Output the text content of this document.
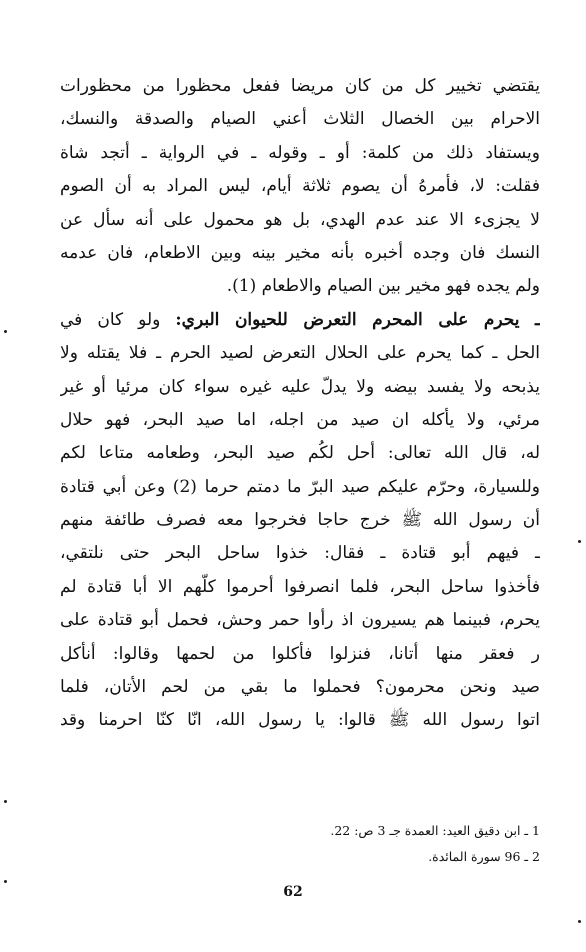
يقتضي تخيير كل من كان مريضا ففعل محظورا من محظورات
الاحرام بين الخصال الثلاث أعني الصيام والصدقة والنسك،
ويستفاد ذلك من كلمة: أو ـ وقوله ـ في الرواية ـ أتجد شاة
فقلت: لا، فأمرهُ أن يصوم ثلاثة أيام، ليس المراد به أن الصوم
لا يجزىء الا عند عدم الهدي، بل هو محمول على أنه سأل عن
النسك فان وجده أخبره بأنه مخير بينه وبين الاطعام، فان عدمه
ولم يجده فهو مخير بين الصيام والاطعام (1).
ـ يحرم على المحرم التعرض للحيوان البري: ولو كان في
الحل ـ كما يحرم على الحلال التعرض لصيد الحرم ـ فلا يقتله ولا
يذبحه ولا يفسد بيضه ولا يدلّ عليه غيره سواء كان مرئيا أو غير
مرئي، ولا يأكله ان صيد من اجله، اما صيد البحر، فهو حلال
له، قال الله تعالى: أحل لكُم صيد البحر، وطعامه متاعا لكم
وللسيارة، وحرّم عليكم صيد البرّ ما دمتم حرما (2) وعن أبي قتادة
أن رسول الله ﷺ خرج حاجا فخرجوا معه فصرف طائفة منهم
ـ فيهم أبو قتادة ـ فقال: خذوا ساحل البحر حتى نلتقي،
فأخذوا ساحل البحر، فلما انصرفوا أحرموا كلّهم الا أبا قتادة لم
يحرم، فبينما هم يسيرون اذ رأوا حمر وحش، فحمل أبو قتادة على
ر فعقر منها أتانا، فنزلوا فأكلوا من لحمها وقالوا: أنأكل
صيد ونحن محرمون؟ فحملوا ما بقي من لحم الأتان، فلما
اتوا رسول الله ﷺ قالوا: يا رسول الله، انّا كنّا احرمنا وقد
1 ـ ابن دقيق العيد: العمدة جـ 3 ص: 22.
2 ـ 96 سورة المائدة.
62
